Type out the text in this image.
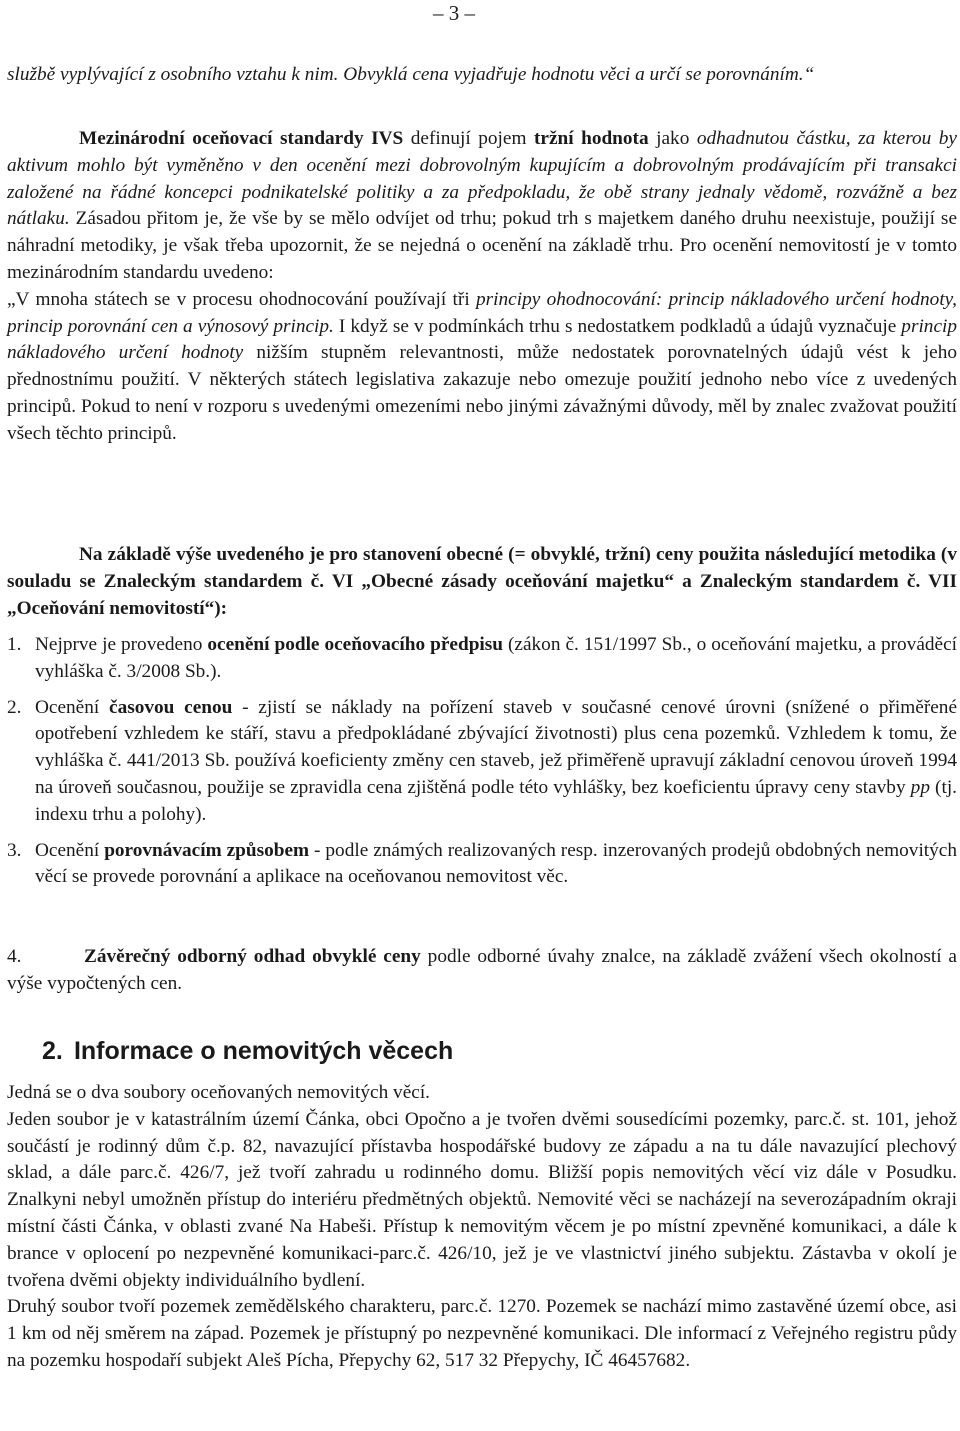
– 3 –

službě vyplývající z osobního vztahu k nim. Obvyklá cena vyjadřuje hodnotu věci a určí se porovnáním.“

Mezinárodní oceňovací standardy IVS definují pojem tržní hodnota jako odhadnutou částku, za kterou by aktivum mohlo být vyměněno v den ocenění mezi dobrovolným kupujícím a dobrovolným prodávajícím při transakci založené na řádné koncepci podnikatelské politiky a za předpokladu, že obě strany jednaly vědomě, rozvážně a bez nátlaku. Zásadou přitom je, že vše by se mělo odvíjet od trhu; pokud trh s majetkem daného druhu neexistuje, použijí se náhradní metodiky, je však třeba upozornit, že se nejedná o ocenění na základě trhu. Pro ocenění nemovitostí je v tomto mezinárodním standardu uvedeno:

„V mnoha státech se v procesu ohodnocování používají tři principy ohodnocování: princip nákladového určení hodnoty, princip porovnání cen a výnosový princip. I když se v podmínkách trhu s nedostatkem podkladů a údajů vyznačuje princip nákladového určení hodnoty nižším stupněm relevantnosti, může nedostatek porovnatelných údajů vést k jeho přednostnímu použití. V některých státech legislativa zakazuje nebo omezuje použití jednoho nebo více z uvedených principů. Pokud to není v rozporu s uvedenými omezeními nebo jinými závažnými důvody, měl by znalec zvažovat použití všech těchto principů.

Na základě výše uvedeného je pro stanovení obecné (= obvyklé, tržní) ceny použita následující metodika (v souladu se Znaleckým standardem č. VI „Obecné zásady oceňování majetku“ a Znaleckým standardem č. VII „Oceňování nemovitostí“):

1. Nejprve je provedeno ocenění podle oceňovacího předpisu (zákon č. 151/1997 Sb., o oceňování majetku, a prováděcí vyhláška č. 3/2008 Sb.).
2. Ocenění časovou cenou - zjistí se náklady na pořízení staveb v současné cenové úrovni (snížené o přiměřené opotřebení vzhledem ke stáří, stavu a předpokládané zbývající životnosti) plus cena pozemků. Vzhledem k tomu, že vyhláška č. 441/2013 Sb. používá koeficienty změny cen staveb, jež přiměřeně upravují základní cenovou úroveň 1994 na úroveň současnou, použije se zpravidla cena zjištěná podle této vyhlášky, bez koeficientu úpravy ceny stavby pp (tj. indexu trhu a polohy).
3. Ocenění porovnávacím způsobem - podle známých realizovaných resp. inzerovaných prodejů obdobných nemovitých věcí se provede porovnání a aplikace na oceňovanou nemovitost věc.

4.	Závěrečný odborný odhad obvyklé ceny podle odborné úvahy znalce, na základě zvážení všech okolností a výše vypočtených cen.

2. Informace o nemovitých věcech

Jedná se o dva soubory oceňovaných nemovitých věcí.

Jeden soubor je v katastrálním území Čánka, obci Opočno a je tvořen dvěmi sousedícími pozemky, parc.č. st. 101, jehož součástí je rodinný dům č.p. 82, navazující přístavba hospodářské budovy ze západu a na tu dále navazující plechový sklad, a dále parc.č. 426/7, jež tvoří zahradu u rodinného domu. Bližší popis nemovitých věcí viz dále v Posudku. Znalkyni nebyl umožněn přístup do interiéru předmětných objektů. Nemovité věci se nacházejí na severozápadním okraji místní části Čánka, v oblasti zvané Na Habeši. Přístup k nemovitým věcem je po místní zpevněné komunikaci, a dále k brance v oplocení po nezpevněné komunikaci-parc.č. 426/10, jež je ve vlastnictví jiného subjektu. Zástavba v okolí je tvořena dvěmi objekty individuálního bydlení.

Druhý soubor tvoří pozemek zemědělského charakteru, parc.č. 1270. Pozemek se nachází mimo zastavěné území obce, asi 1 km od něj směrem na západ. Pozemek je přístupný po nezpevněné komunikaci. Dle informací z Veřejného registru půdy na pozemku hospodaří subjekt Aleš Pícha, Přepychy 62, 517 32 Přepychy, IČ 46457682.
